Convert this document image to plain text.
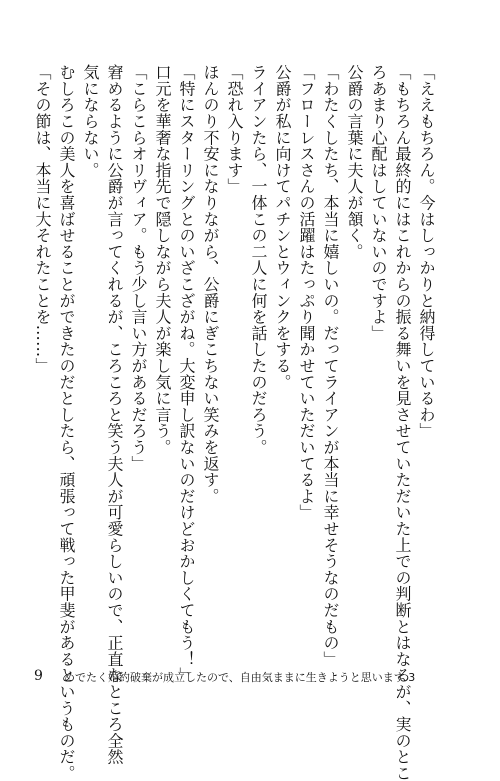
「ええもちろん。今はしっかりと納得しているわ」
「もちろん最終的にはこれからの振る舞いを見させていただいた上での判断とはなるが、実のとこ
ろあまり心配はしていないのですよ」
公爵の言葉に夫人が頷く。
「わたくしたち、本当に嬉しいの。だってライアンが本当に幸せそうなのだもの」
「フローレスさんの活躍はたっぷり聞かせていただいてるよ」
公爵が私に向けてパチンとウィンクをする。
ライアンたら、一体この二人に何を話したのだろう。
「恐れ入ります」
ほんのり不安になりながら、公爵にぎこちない笑みを返す。
「特にスターリングとのいざこざがね。大変申し訳ないのだけどおかしくてもう！」
口元を華奢な指先で隠しながら夫人が楽し気に言う。
「こらこらオリヴィア。もう少し言い方があるだろう」
窘めるように公爵が言ってくれるが、ころころと笑う夫人が可愛らしいので、正直なところ全然
気にならない。
むしろこの美人を喜ばせることができたのだとしたら、頑張って戦った甲斐があるというものだ。
「その節は、本当に大それたことを……」
9 めでたく婚約破棄が成立したので、自由気ままに生きようと思います 3
